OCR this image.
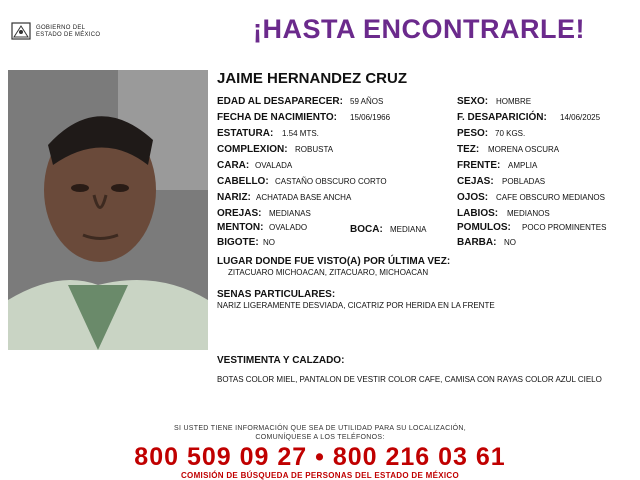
GOBIERNO DEL
ESTADO DE MÉXICO	¡HASTA ENCONTRARLE!
JAIME HERNANDEZ CRUZ
EDAD AL DESAPARECER: 59 AÑOS
FECHA DE NACIMIENTO: 15/06/1966
ESTATURA: 1.54 MTS.
COMPLEXION: ROBUSTA
CARA: OVALADA
CABELLO: CASTAÑO OBSCURO CORTO
NARIZ: ACHATADA BASE ANCHA
OREJAS: MEDIANAS
MENTON: OVALADO	BOCA: MEDIANA
BIGOTE: NO
SEXO: HOMBRE
F. DESAPARICIÓN: 14/06/2025
PESO: 70 KGS.
TEZ: MORENA OSCURA
FRENTE: AMPLIA
CEJAS: POBLADAS
OJOS: CAFE OBSCURO MEDIANOS
LABIOS: MEDIANOS
POMULOS: POCO PROMINENTES
BARBA: NO
LUGAR DONDE FUE VISTO(A) POR ÚLTIMA VEZ:
ZITACUARO MICHOACAN, ZITACUARO, MICHOACAN
SENAS PARTICULARES:
NARIZ LIGERAMENTE DESVIADA, CICATRIZ POR HERIDA EN LA FRENTE
VESTIMENTA Y CALZADO:
BOTAS COLOR MIEL, PANTALON DE VESTIR COLOR CAFE, CAMISA CON RAYAS COLOR AZUL CIELO
SI USTED TIENE INFORMACIÓN QUE SEA DE UTILIDAD PARA SU LOCALIZACIÓN,
COMUNÍQUESE A LOS TELÉFONOS:
800 509 09 27 • 800 216 03 61
COMISIÓN DE BÚSQUEDA DE PERSONAS DEL ESTADO DE MÉXICO
